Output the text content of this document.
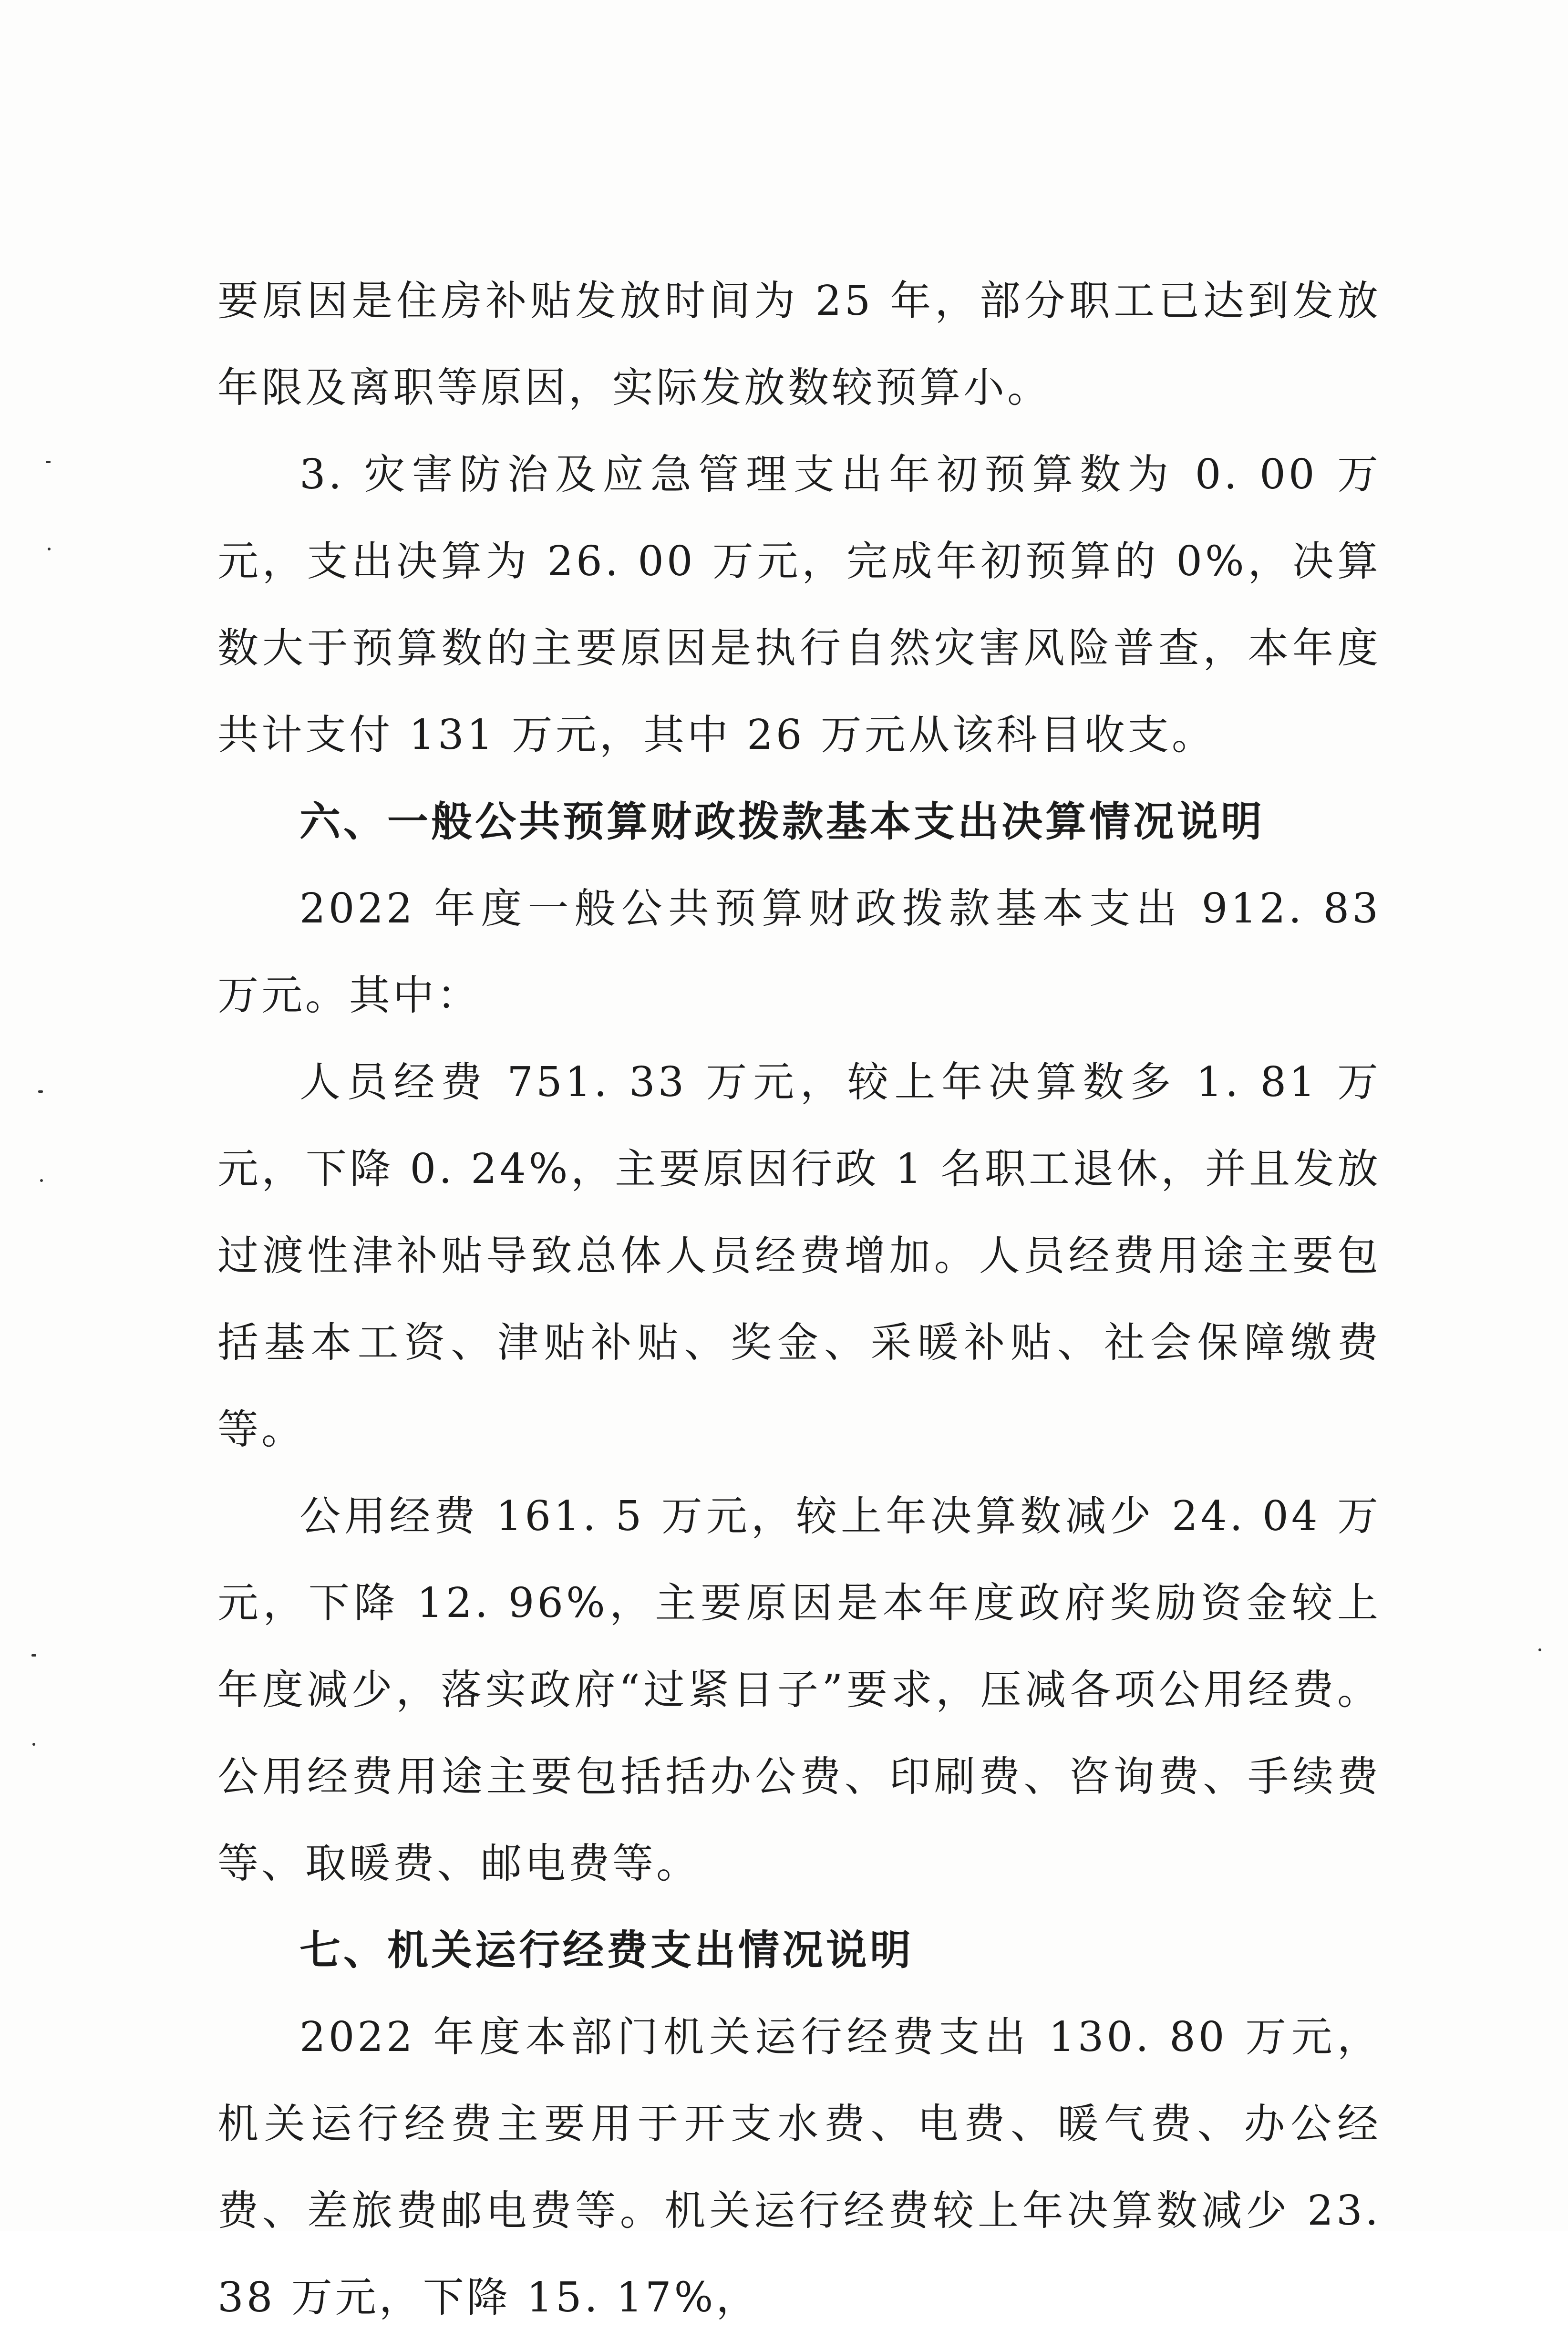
要原因是住房补贴发放时间为 25 年，部分职工已达到发放年限及离职等原因，实际发放数较预算小。

3. 灾害防治及应急管理支出年初预算数为 0. 00 万元，支出决算为 26. 00 万元，完成年初预算的 0%，决算数大于预算数的主要原因是执行自然灾害风险普查，本年度共计支付 131 万元，其中 26 万元从该科目收支。

六、一般公共预算财政拨款基本支出决算情况说明

2022 年度一般公共预算财政拨款基本支出 912. 83 万元。其中：

人员经费 751. 33 万元，较上年决算数多 1. 81 万元，下降 0. 24%，主要原因行政 1 名职工退休，并且发放过渡性津补贴导致总体人员经费增加。人员经费用途主要包括基本工资、津贴补贴、奖金、采暖补贴、社会保障缴费等。

公用经费 161. 5 万元，较上年决算数减少 24. 04 万元，下降 12. 96%，主要原因是本年度政府奖励资金较上年度减少，落实政府“过紧日子”要求，压减各项公用经费。公用经费用途主要包括括办公费、印刷费、咨询费、手续费等、取暖费、邮电费等。

七、机关运行经费支出情况说明

2022 年度本部门机关运行经费支出 130. 80 万元，机关运行经费主要用于开支水费、电费、暖气费、办公经费、差旅费邮电费等。机关运行经费较上年决算数减少 23. 38 万元，下降 15. 17%，
